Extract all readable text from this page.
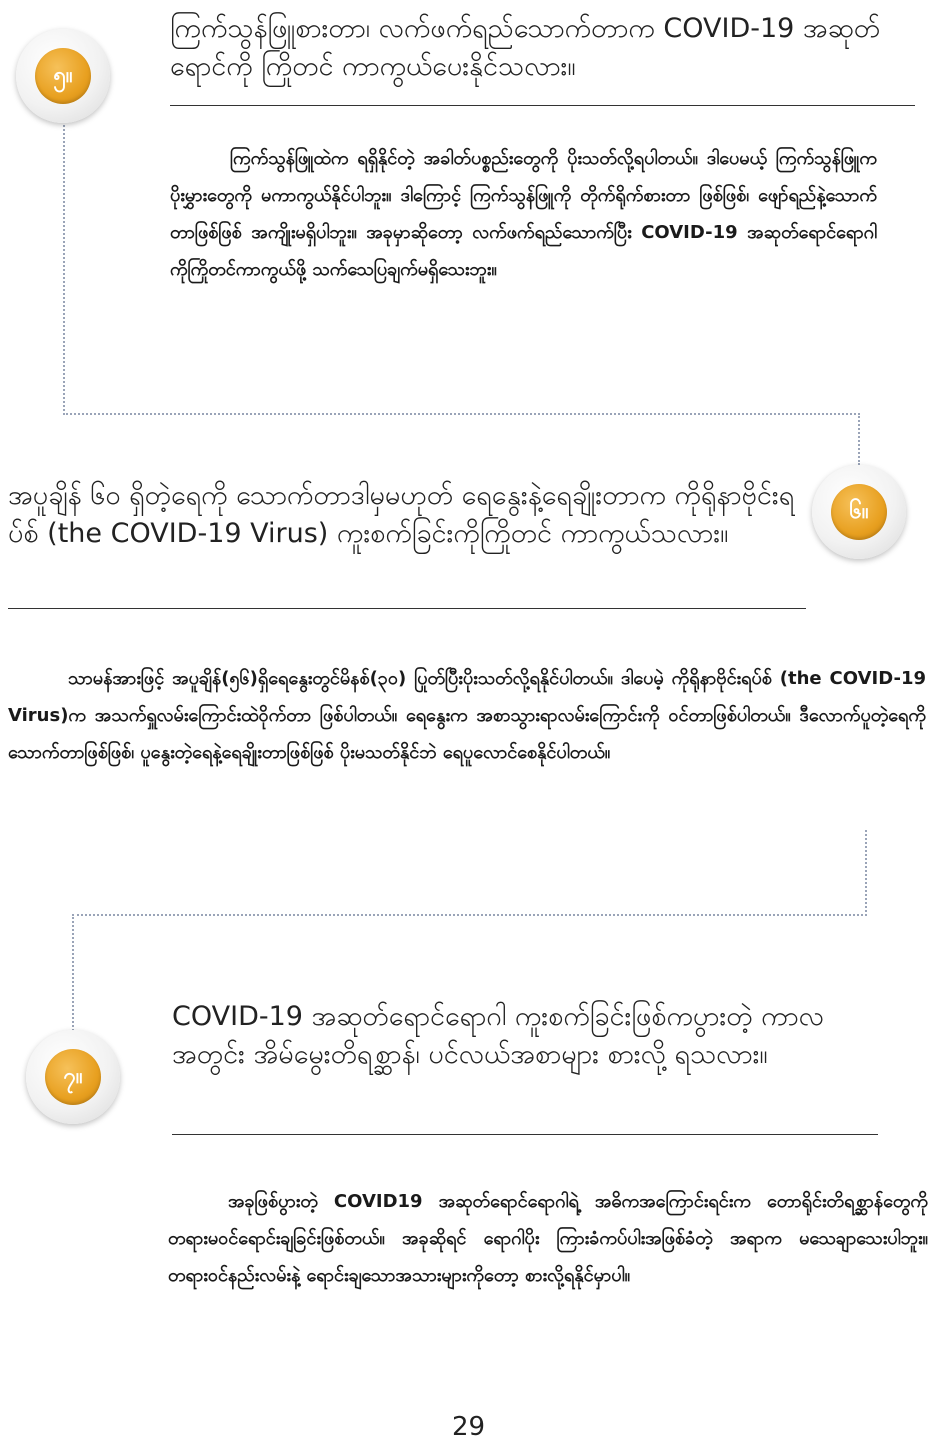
၅။

ကြက်သွန်ဖြူစားတာ၊ လက်ဖက်ရည်သောက်တာက COVID-19 အဆုတ်ရောင်ကို ကြိုတင် ကာကွယ်ပေးနိုင်သလား။

ကြက်သွန်ဖြူထဲက ရရှိနိုင်တဲ့ အခါတ်ပစ္စည်းတွေကို ပိုးသတ်လို့ရပါတယ်။ ဒါပေမယ့် ကြက်သွန်ဖြူက ပိုးမွှားတွေကို မကာကွယ်နိုင်ပါဘူး။ ဒါကြောင့် ကြက်သွန်ဖြူကို တိုက်ရိုက်စားတာ ဖြစ်ဖြစ်၊ ဖျော်ရည်နဲ့သောက်တာဖြစ်ဖြစ် အကျိုးမရှိပါဘူး။ အခုမှာဆိုတော့ လက်ဖက်ရည်သောက်ပြီး COVID-19 အဆုတ်ရောင်ရောဂါကိုကြိုတင်ကာကွယ်ဖို့ သက်သေပြချက်မရှိသေးဘူး။

၆။

အပူချိန် ၆၀ ရှိတဲ့ရေကို သောက်တာဒါမှမဟုတ် ရေနွေးနဲ့ရေချိုးတာက ကိုရိုနာဗိုင်းရပ်စ် (the COVID-19 Virus) ကူးစက်ခြင်းကိုကြိုတင် ကာကွယ်သလား။

သာမန်အားဖြင့် အပူချိန်(၅၆)ရှိရေနွေးတွင်မိနစ်(၃၀) ပြုတ်ပြီးပိုးသတ်လို့ရနိုင်ပါတယ်။ ဒါပေမဲ့ ကိုရိုနာဗိုင်းရပ်စ် (the COVID-19 Virus)က အသက်ရှူလမ်းကြောင်းထဲဝိုက်တာ ဖြစ်ပါတယ်။ ရေနွေးက အစာသွားရာလမ်းကြောင်းကို ဝင်တာဖြစ်ပါတယ်။ ဒီလောက်ပူတဲ့ရေကိုသောက်တာဖြစ်ဖြစ်၊ ပူနွေးတဲ့ရေနဲ့ရေချိုးတာဖြစ်ဖြစ် ပိုးမသတ်နိုင်ဘဲ ရေပူလောင်စေနိုင်ပါတယ်။

၇။

COVID-19 အဆုတ်ရောင်ရောဂါ ကူးစက်ခြင်းဖြစ်ကပွားတဲ့ ကာလအတွင်း အိမ်မွေးတိရစ္ဆာန်၊ ပင်လယ်အစာများ စားလို့ ရသလား။

အခုဖြစ်ပွားတဲ့ COVID19 အဆုတ်ရောင်ရောဂါရဲ့ အဓိကအကြောင်းရင်းက တောရိုင်းတိရစ္ဆာန်တွေကို တရားမဝင်ရောင်းချခြင်းဖြစ်တယ်။ အခုဆိုရင် ရောဂါပိုး ကြားခံကပ်ပါးအဖြစ်ခံတဲ့ အရာက မသေချာသေးပါဘူး။ တရားဝင်နည်းလမ်းနဲ့ ရောင်းချသောအသားများကိုတော့ စားလို့ရနိုင်မှာပါ။

29
